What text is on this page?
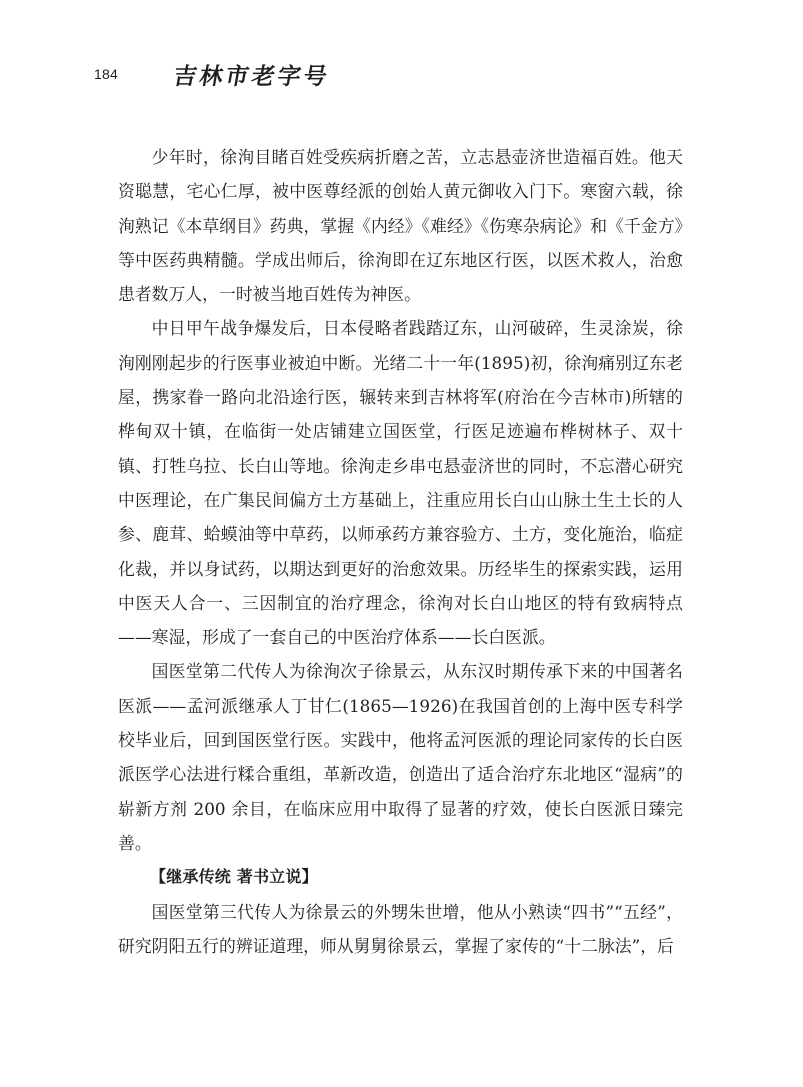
184 吉林市老字号

少年时，徐洵目睹百姓受疾病折磨之苦，立志悬壶济世造福百姓。他天资聪慧，宅心仁厚，被中医尊经派的创始人黄元御收入门下。寒窗六载，徐洵熟记《本草纲目》药典，掌握《内经》《难经》《伤寒杂病论》和《千金方》等中医药典精髓。学成出师后，徐洵即在辽东地区行医，以医术救人，治愈患者数万人，一时被当地百姓传为神医。

中日甲午战争爆发后，日本侵略者践踏辽东，山河破碎，生灵涂炭，徐洵刚刚起步的行医事业被迫中断。光绪二十一年(1895)初，徐洵痛别辽东老屋，携家眷一路向北沿途行医，辗转来到吉林将军(府治在今吉林市)所辖的桦甸双十镇，在临街一处店铺建立国医堂，行医足迹遍布桦树林子、双十镇、打牲乌拉、长白山等地。徐洵走乡串屯悬壶济世的同时，不忘潜心研究中医理论，在广集民间偏方土方基础上，注重应用长白山山脉土生土长的人参、鹿茸、蛤蟆油等中草药，以师承药方兼容验方、土方，变化施治，临症化裁，并以身试药，以期达到更好的治愈效果。历经毕生的探索实践，运用中医天人合一、三因制宜的治疗理念，徐洵对长白山地区的特有致病特点——寒湿，形成了一套自己的中医治疗体系——长白医派。

国医堂第二代传人为徐洵次子徐景云，从东汉时期传承下来的中国著名医派——孟河派继承人丁甘仁(1865—1926)在我国首创的上海中医专科学校毕业后，回到国医堂行医。实践中，他将孟河医派的理论同家传的长白医派医学心法进行糅合重组，革新改造，创造出了适合治疗东北地区“湿病”的崭新方剂 200 余目，在临床应用中取得了显著的疗效，使长白医派日臻完善。

【继承传统 著书立说】

国医堂第三代传人为徐景云的外甥朱世增，他从小熟读“四书”“五经”，研究阴阳五行的辨证道理，师从舅舅徐景云，掌握了家传的“十二脉法”，后
